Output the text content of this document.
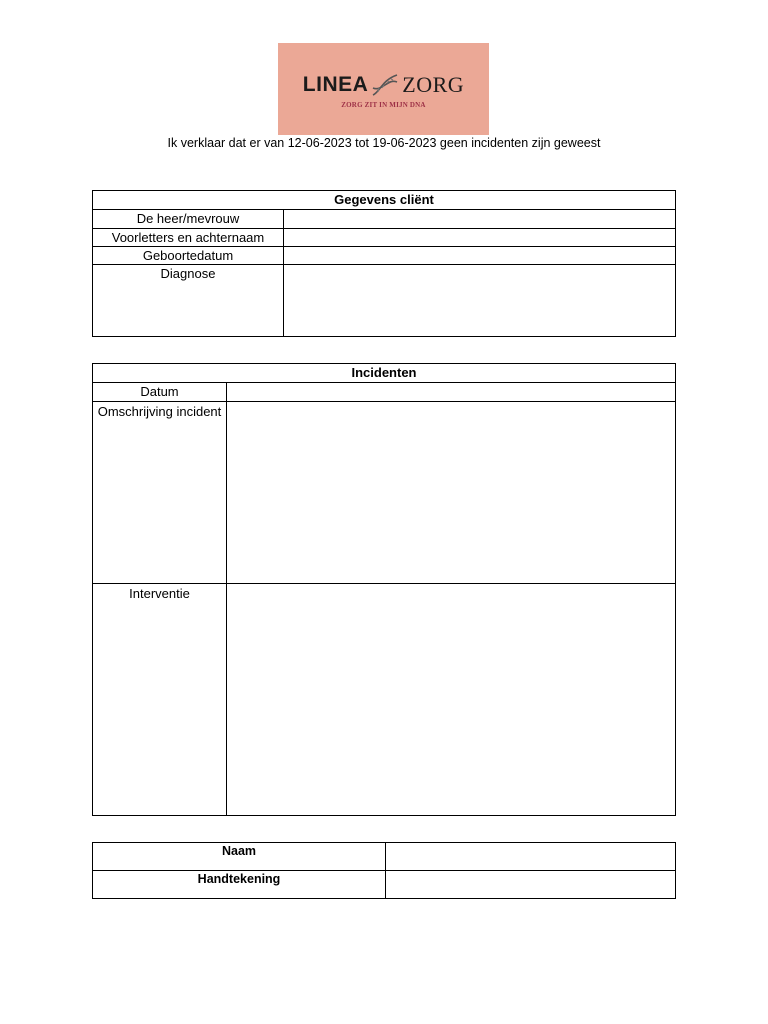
LINEA ZORG
ZORG ZIT IN MIJN DNA
Ik verklaar dat er van 12-06-2023 tot 19-06-2023 geen incidenten zijn geweest
Gegevens cliënt	
De heer/mevrouw	
Voorletters en achternaam	
Geboortedatum	
Diagnose	
Incidenten	
Datum	
Omschrijving incident	
Interventie	
Naam	
Handtekening	
